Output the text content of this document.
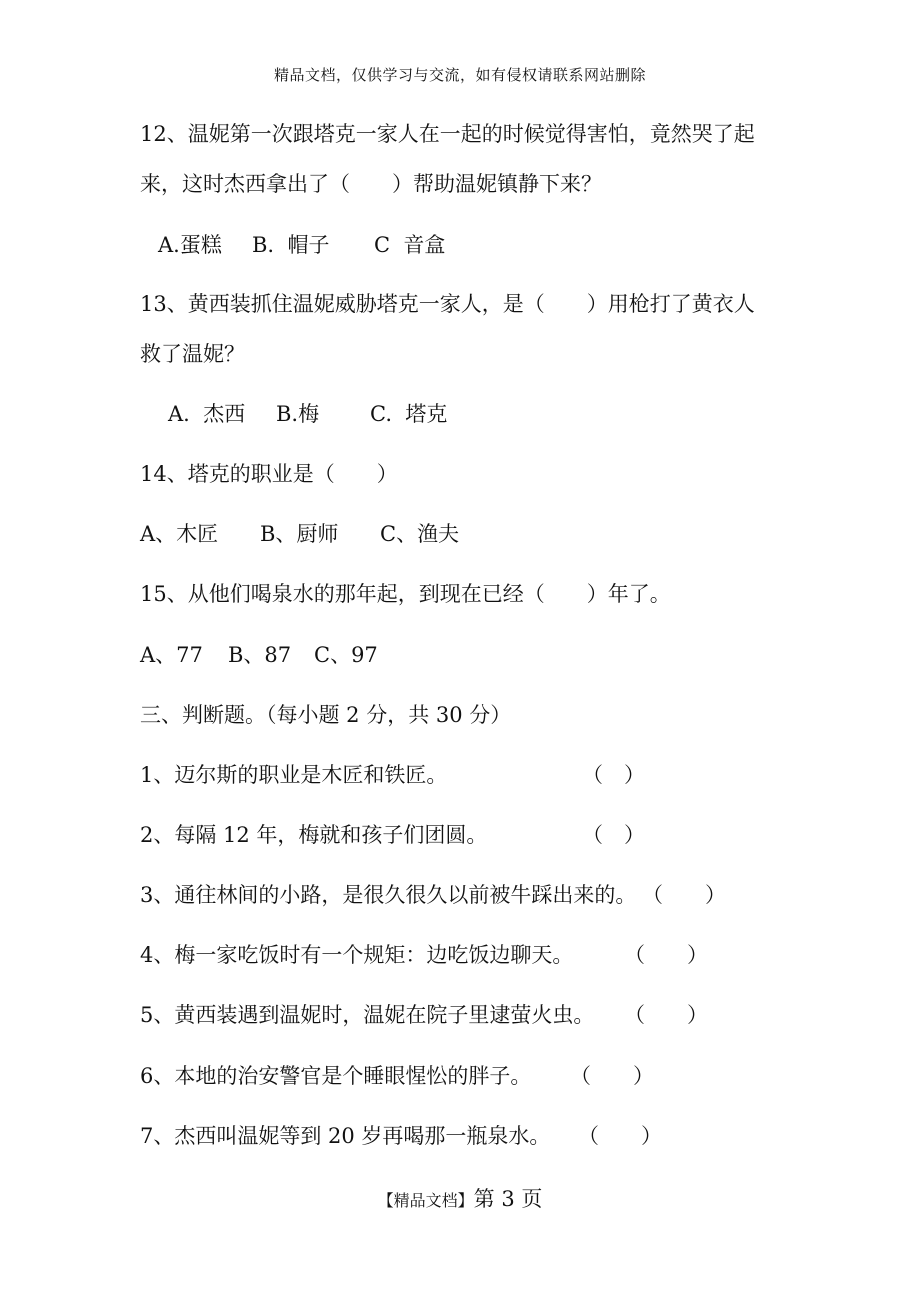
精品文档，仅供学习与交流，如有侵权请联系网站删除
12、温妮第一次跟塔克一家人在一起的时候觉得害怕，竟然哭了起
来，这时杰西拿出了（　　）帮助温妮镇静下来？
A.蛋糕 B.  帽子 C  音盒
13、黄西装抓住温妮威胁塔克一家人，是（　　）用枪打了黄衣人
救了温妮？
A.  杰西 B.梅 C.  塔克
14、塔克的职业是（　　）
A、木匠 B、厨师 C、渔夫
15、从他们喝泉水的那年起，到现在已经（　　）年了。
A、77 B、87 C、97
三、判断题。（每小题 2 分，共 30 分）
1、迈尔斯的职业是木匠和铁匠。	（　）
2、每隔 12 年，梅就和孩子们团圆。	（　）
3、通往林间的小路，是很久很久以前被牛踩出来的。 （　　）
4、梅一家吃饭时有一个规矩：边吃饭边聊天。 （　　）
5、黄西装遇到温妮时，温妮在院子里逮萤火虫。 （　　）
6、本地的治安警官是个睡眼惺忪的胖子。 （　　）
7、杰西叫温妮等到 20 岁再喝那一瓶泉水。 （　　）
【精品文档】第 3 页
